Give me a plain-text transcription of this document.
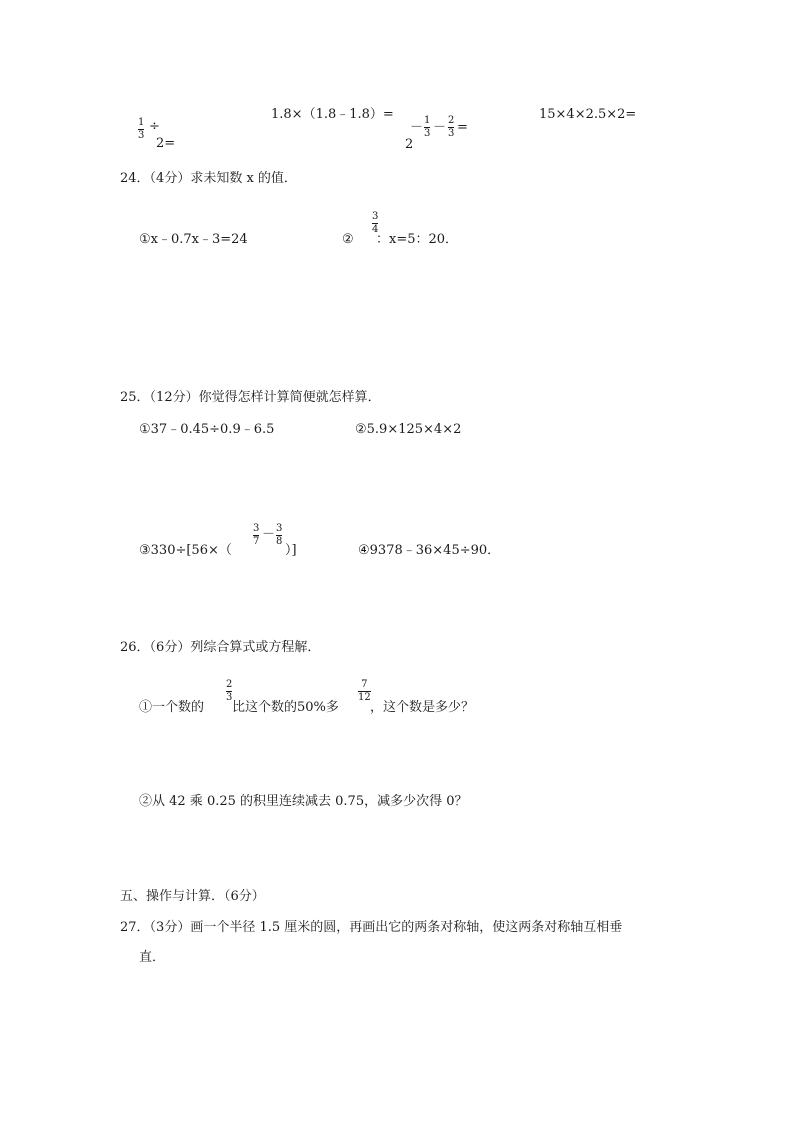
1
3
÷
2=
1.8×（1.8﹣1.8）=
2
－ 1
3 － 2
3 =
15×4×2.5×2=
24．（4分）求未知数 x 的值．
①x﹣0.7x﹣3=24	②
3
4
：x=5：20．
25．（12分）你觉得怎样计算简便就怎样算．
①37﹣0.45÷0.9﹣6.5	②5.9×125×4×2
③330÷[56×（
3
7 － 3
8
）]	④9378﹣36×45÷90．
26．（6分）列综合算式或方程解．
①一个数的
2
3
比这个数的50%多
7
12
，这个数是多少？
②从 42 乘 0.25 的积里连续减去 0.75，减多少次得 0？
五、操作与计算．（6分）
27．（3分）画一个半径 1.5 厘米的圆，再画出它的两条对称轴，使这两条对称轴互相垂
直．
